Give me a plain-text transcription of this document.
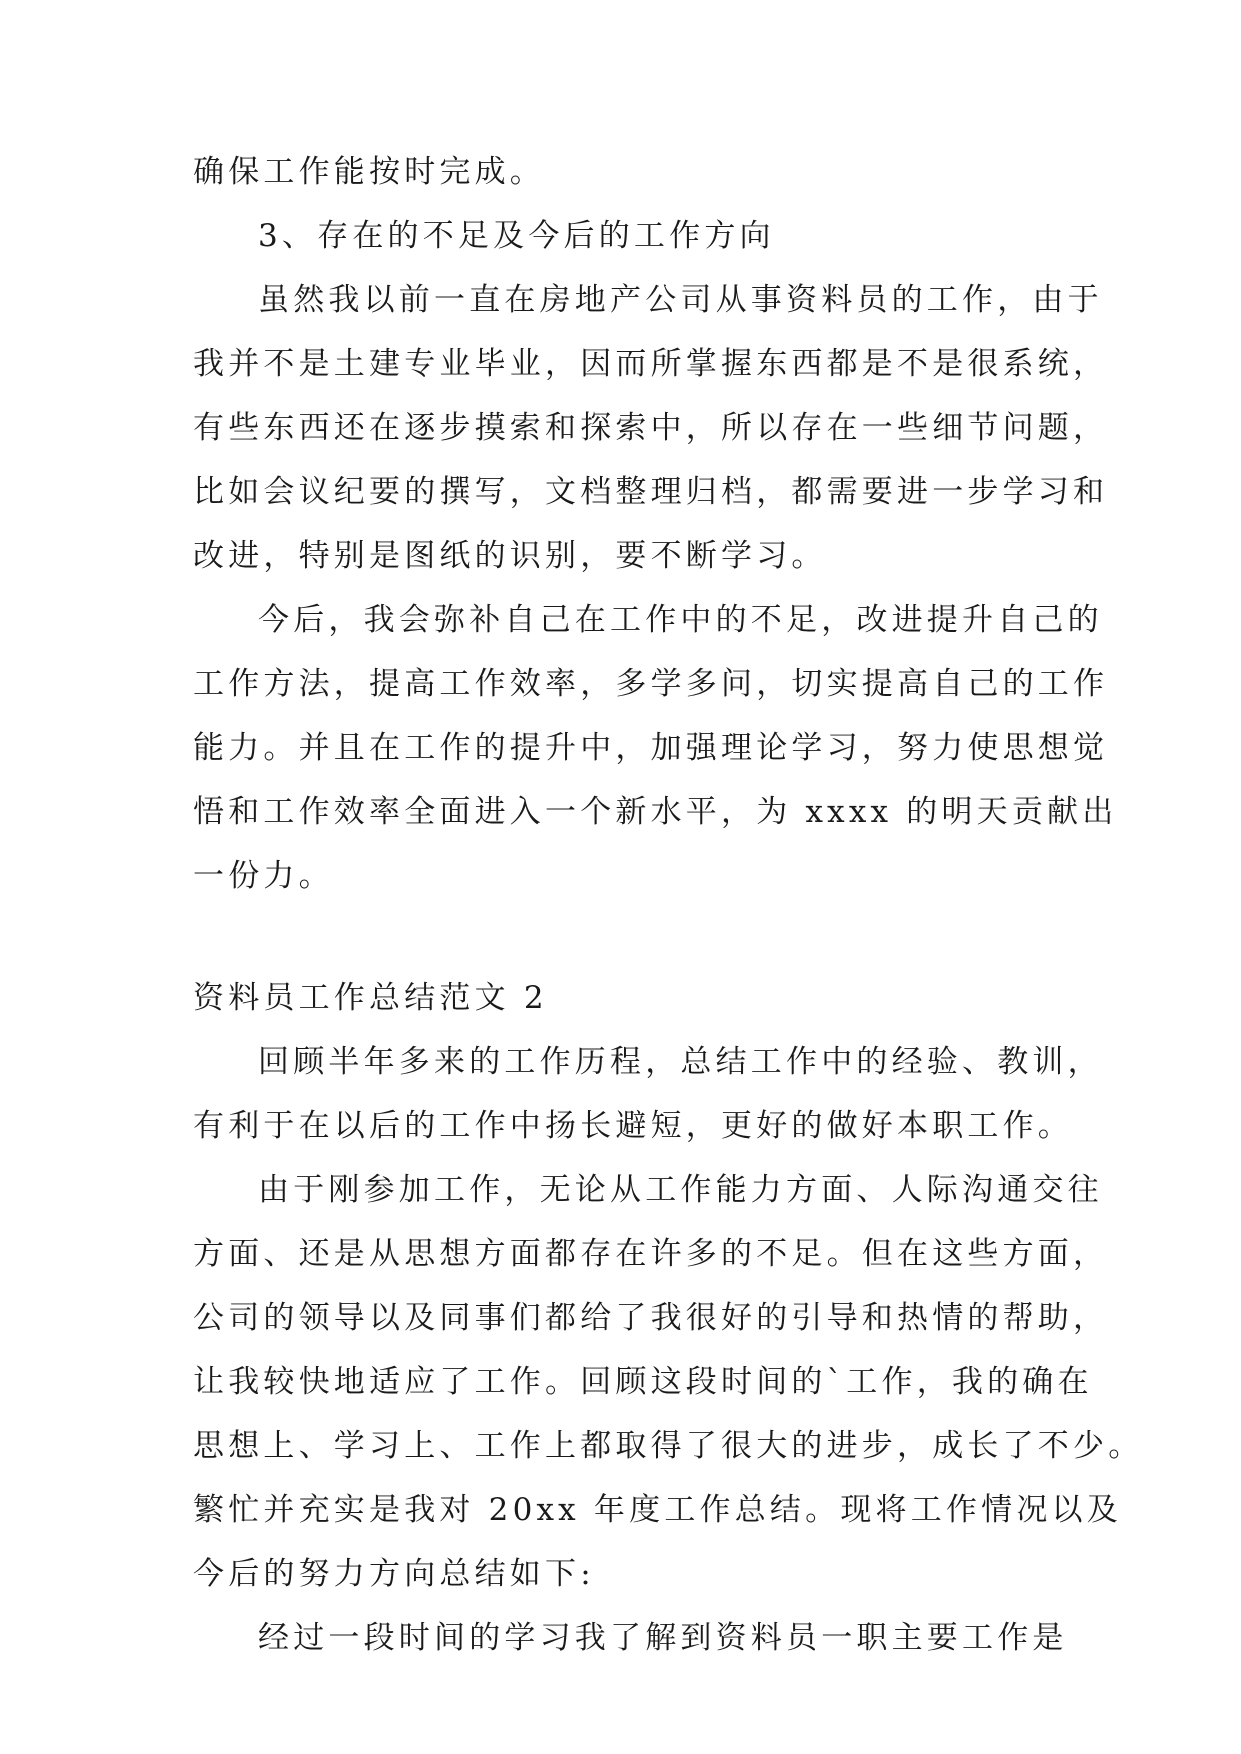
确保工作能按时完成。
3、存在的不足及今后的工作方向
虽然我以前一直在房地产公司从事资料员的工作，由于
我并不是土建专业毕业，因而所掌握东西都是不是很系统，
有些东西还在逐步摸索和探索中，所以存在一些细节问题，
比如会议纪要的撰写，文档整理归档，都需要进一步学习和
改进，特别是图纸的识别，要不断学习。
今后，我会弥补自己在工作中的不足，改进提升自己的
工作方法，提高工作效率，多学多问，切实提高自己的工作
能力。并且在工作的提升中，加强理论学习，努力使思想觉
悟和工作效率全面进入一个新水平，为 xxxx 的明天贡献出
一份力。
资料员工作总结范文 2
回顾半年多来的工作历程，总结工作中的经验、教训，
有利于在以后的工作中扬长避短，更好的做好本职工作。
由于刚参加工作，无论从工作能力方面、人际沟通交往
方面、还是从思想方面都存在许多的不足。但在这些方面，
公司的领导以及同事们都给了我很好的引导和热情的帮助，
让我较快地适应了工作。回顾这段时间的`工作，我的确在
思想上、学习上、工作上都取得了很大的进步，成长了不少。
繁忙并充实是我对 20xx 年度工作总结。现将工作情况以及
今后的努力方向总结如下:
经过一段时间的学习我了解到资料员一职主要工作是
